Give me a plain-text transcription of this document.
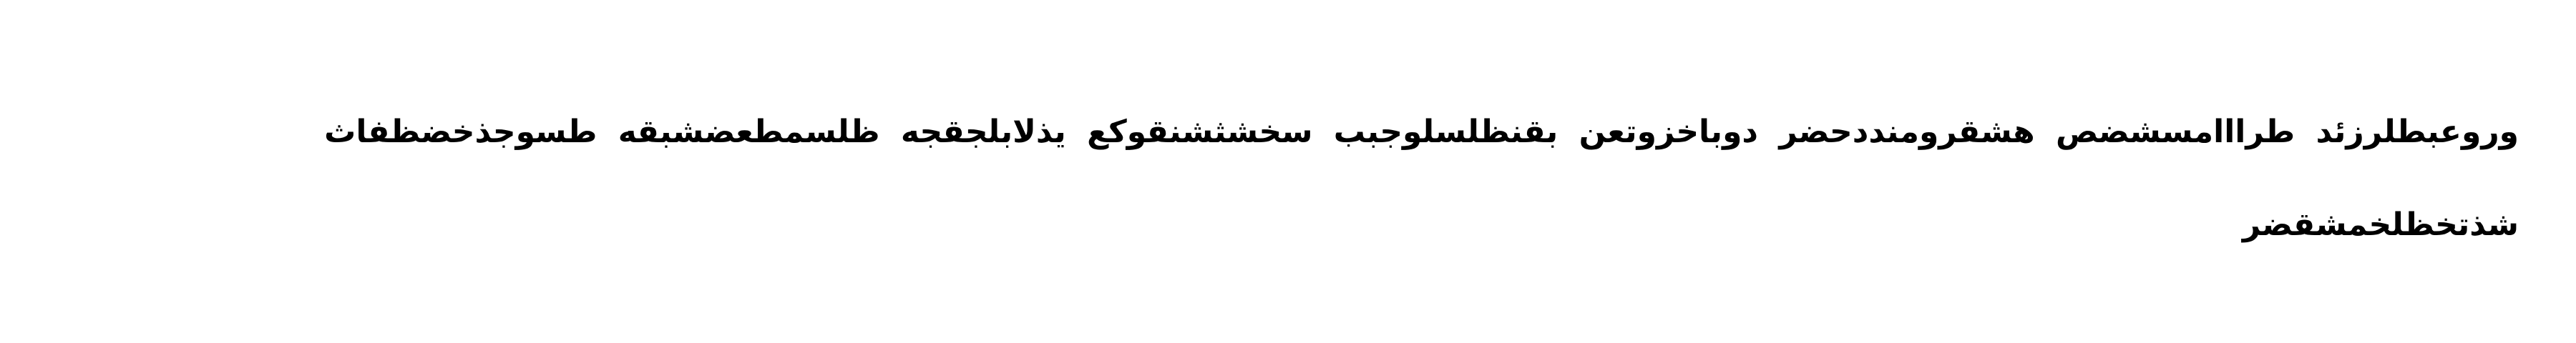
وروعبطلرزئد طرااامسشضص هشقرومنددحضر دوباخزوتعن بقنظلسلوجبب سخشثشنقوكع يذلابلجقجه ظلسمطعضشبقه طسوجذخضظفاث
شذتخظلخمشقضر
